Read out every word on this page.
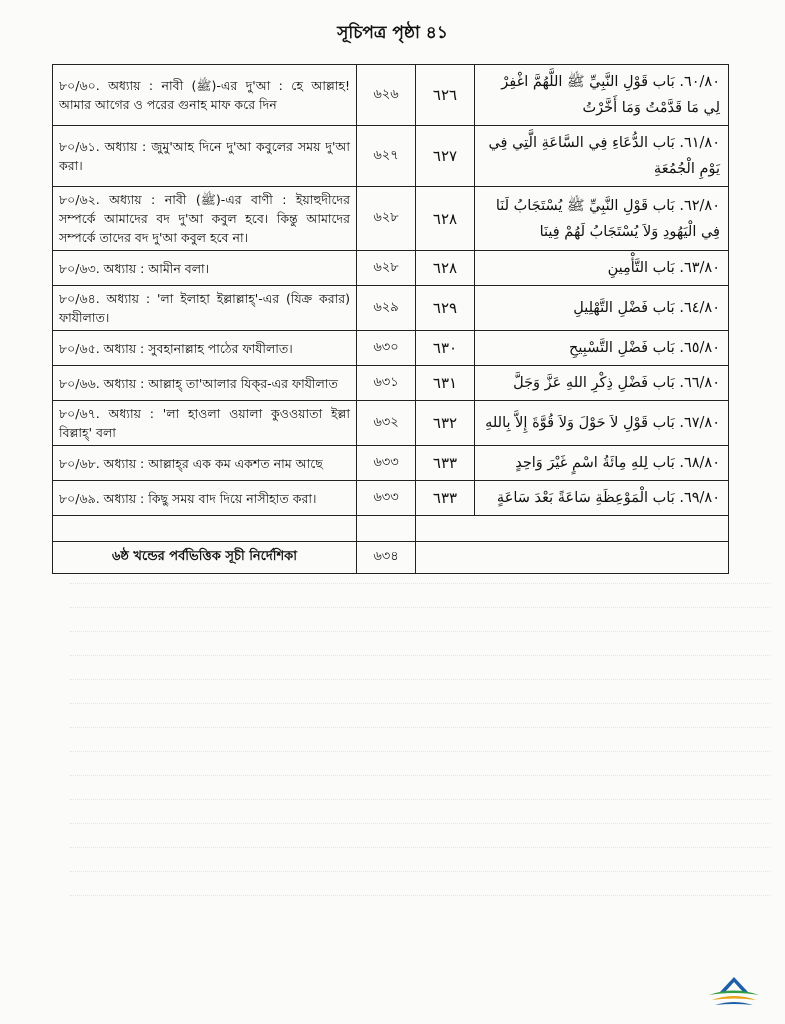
সূচিপত্র পৃষ্ঠা ৪১
৮০/৬০. অধ্যায় : নাবী (ﷺ)-এর দু'আ : হে আল্লাহ! আমার আগের ও পরের গুনাহ মাফ করে দিন	৬২৬	٦٢٦	٦٠/٨٠. بَاب قَوْلِ النَّبِيِّ ﷺ اللَّهُمَّ اغْفِرْ لِي مَا قَدَّمْتُ وَمَا أَخَّرْتُ
৮০/৬১. অধ্যায় : জুমু'আহ দিনে দু'আ কবুলের সময় দু'আ করা।	৬২৭	٦٢٧	٦١/٨٠. بَاب الدُّعَاءِ فِي السَّاعَةِ الَّتِي فِي يَوْمِ الْجُمُعَةِ
৮০/৬২. অধ্যায় : নাবী (ﷺ)-এর বাণী : ইয়াহুদীদের সম্পর্কে আমাদের বদ দু'আ কবুল হবে। কিন্তু আমাদের সম্পর্কে তাদের বদ দু'আ কবুল হবে না।	৬২৮	٦٢٨	٦٢/٨٠. بَاب قَوْلِ النَّبِيِّ ﷺ يُسْتَجَابُ لَنَا فِي الْيَهُودِ وَلاَ يُسْتَجَابُ لَهُمْ فِينَا
৮০/৬৩. অধ্যায় : আমীন বলা।	৬২৮	٦٢٨	٦٣/٨٠. بَاب التَّأْمِينِ
৮০/৬৪. অধ্যায় : 'লা ইলাহা ইল্লাল্লাহ্'-এর (যিক্র করার) ফাযীলাত।	৬২৯	٦٢٩	٦٤/٨٠. بَاب فَضْلِ التَّهْلِيلِ
৮০/৬৫. অধ্যায় : সুবহানাল্লাহ পাঠের ফাযীলাত।	৬৩০	٦٣٠	٦٥/٨٠. بَاب فَضْلِ التَّسْبِيحِ
৮০/৬৬. অধ্যায় : আল্লাহ্ তা'আলার যিক্‌র-এর ফাযীলাত	৬৩১	٦٣١	٦٦/٨٠. بَاب فَضْلِ ذِكْرِ اللهِ عَزَّ وَجَلَّ
৮০/৬৭. অধ্যায় : 'লা হাওলা ওয়ালা কুওওয়াতা ইল্লা বিল্লাহ্' বলা	৬৩২	٦٣٢	٦٧/٨٠. بَاب قَوْلِ لاَ حَوْلَ وَلاَ قُوَّةَ إِلاَّ بِاللهِ
৮০/৬৮. অধ্যায় : আল্লাহ্‌র এক কম একশত নাম আছে	৬৩৩	٦٣٣	٦٨/٨٠. بَاب لِلهِ مِائَةُ اسْمٍ غَيْرَ وَاحِدٍ
৮০/৬৯. অধ্যায় : কিছু সময় বাদ দিয়ে নাসীহাত করা।	৬৩৩	٦٣٣	٦٩/٨٠. بَاب الْمَوْعِظَةِ سَاعَةً بَعْدَ سَاعَةٍ

৬ষ্ঠ খন্ডের পর্বভিত্তিক সূচী নির্দেশিকা	৬৩৪		
